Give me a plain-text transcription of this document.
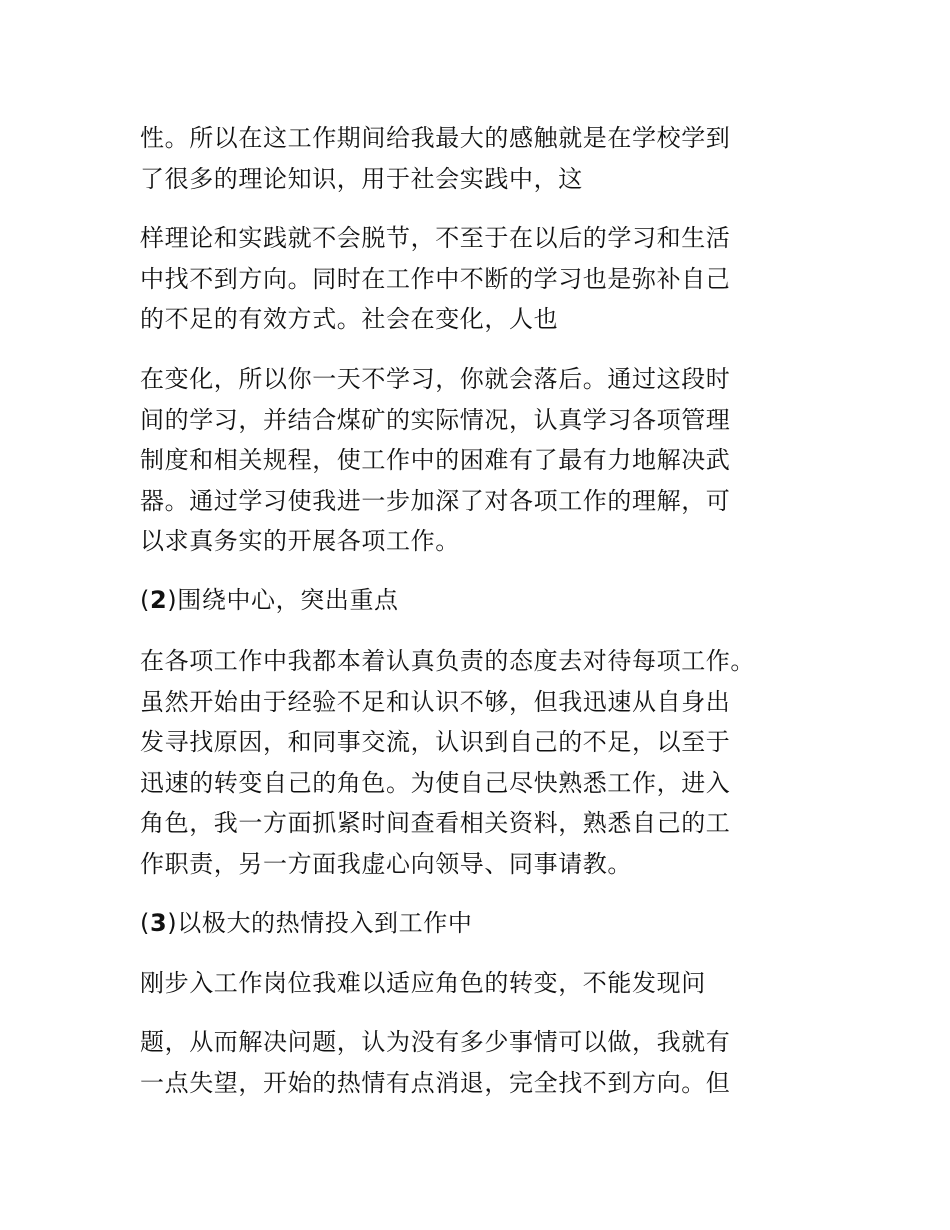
性。所以在这工作期间给我最大的感触就是在学校学到
了很多的理论知识，用于社会实践中，这

样理论和实践就不会脱节，不至于在以后的学习和生活
中找不到方向。同时在工作中不断的学习也是弥补自己
的不足的有效方式。社会在变化，人也

在变化，所以你一天不学习，你就会落后。通过这段时
间的学习，并结合煤矿的实际情况，认真学习各项管理
制度和相关规程，使工作中的困难有了最有力地解决武
器。通过学习使我进一步加深了对各项工作的理解，可
以求真务实的开展各项工作。

(2)围绕中心，突出重点

在各项工作中我都本着认真负责的态度去对待每项工作。
虽然开始由于经验不足和认识不够，但我迅速从自身出
发寻找原因，和同事交流，认识到自己的不足，以至于
迅速的转变自己的角色。为使自己尽快熟悉工作，进入
角色，我一方面抓紧时间查看相关资料，熟悉自己的工
作职责，另一方面我虚心向领导、同事请教。

(3)以极大的热情投入到工作中

刚步入工作岗位我难以适应角色的转变，不能发现问

题，从而解决问题，认为没有多少事情可以做，我就有
一点失望，开始的热情有点消退，完全找不到方向。但
